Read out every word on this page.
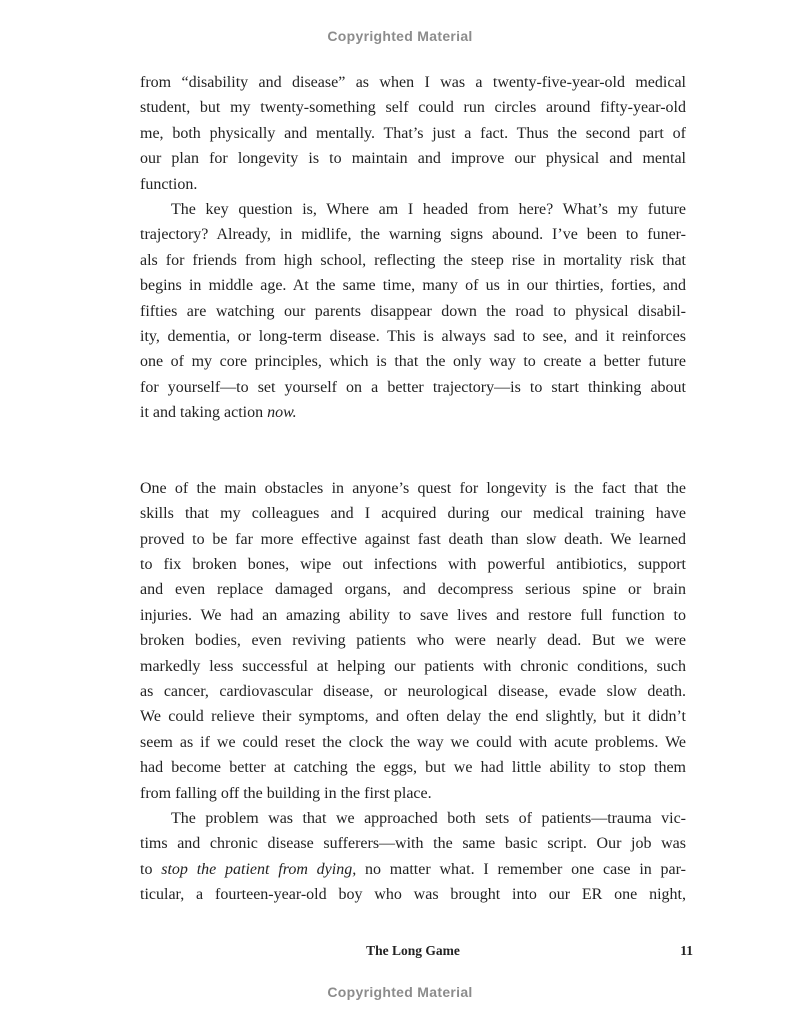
Copyrighted Material
from “disability and disease” as when I was a twenty-five-year-old medical
student, but my twenty-something self could run circles around fifty-year-old
me, both physically and mentally. That’s just a fact. Thus the second part of
our plan for longevity is to maintain and improve our physical and mental
function.
The key question is, Where am I headed from here? What’s my future
trajectory? Already, in midlife, the warning signs abound. I’ve been to funer-
als for friends from high school, reflecting the steep rise in mortality risk that
begins in middle age. At the same time, many of us in our thirties, forties, and
fifties are watching our parents disappear down the road to physical disabil-
ity, dementia, or long-term disease. This is always sad to see, and it reinforces
one of my core principles, which is that the only way to create a better future
for yourself—to set yourself on a better trajectory—is to start thinking about
it and taking action now.
One of the main obstacles in anyone’s quest for longevity is the fact that the
skills that my colleagues and I acquired during our medical training have
proved to be far more effective against fast death than slow death. We learned
to fix broken bones, wipe out infections with powerful antibiotics, support
and even replace damaged organs, and decompress serious spine or brain
injuries. We had an amazing ability to save lives and restore full function to
broken bodies, even reviving patients who were nearly dead. But we were
markedly less successful at helping our patients with chronic conditions, such
as cancer, cardiovascular disease, or neurological disease, evade slow death.
We could relieve their symptoms, and often delay the end slightly, but it didn’t
seem as if we could reset the clock the way we could with acute problems. We
had become better at catching the eggs, but we had little ability to stop them
from falling off the building in the first place.
The problem was that we approached both sets of patients—trauma vic-
tims and chronic disease sufferers—with the same basic script. Our job was
to stop the patient from dying, no matter what. I remember one case in par-
ticular, a fourteen-year-old boy who was brought into our ER one night,
The Long Game	11
Copyrighted Material
